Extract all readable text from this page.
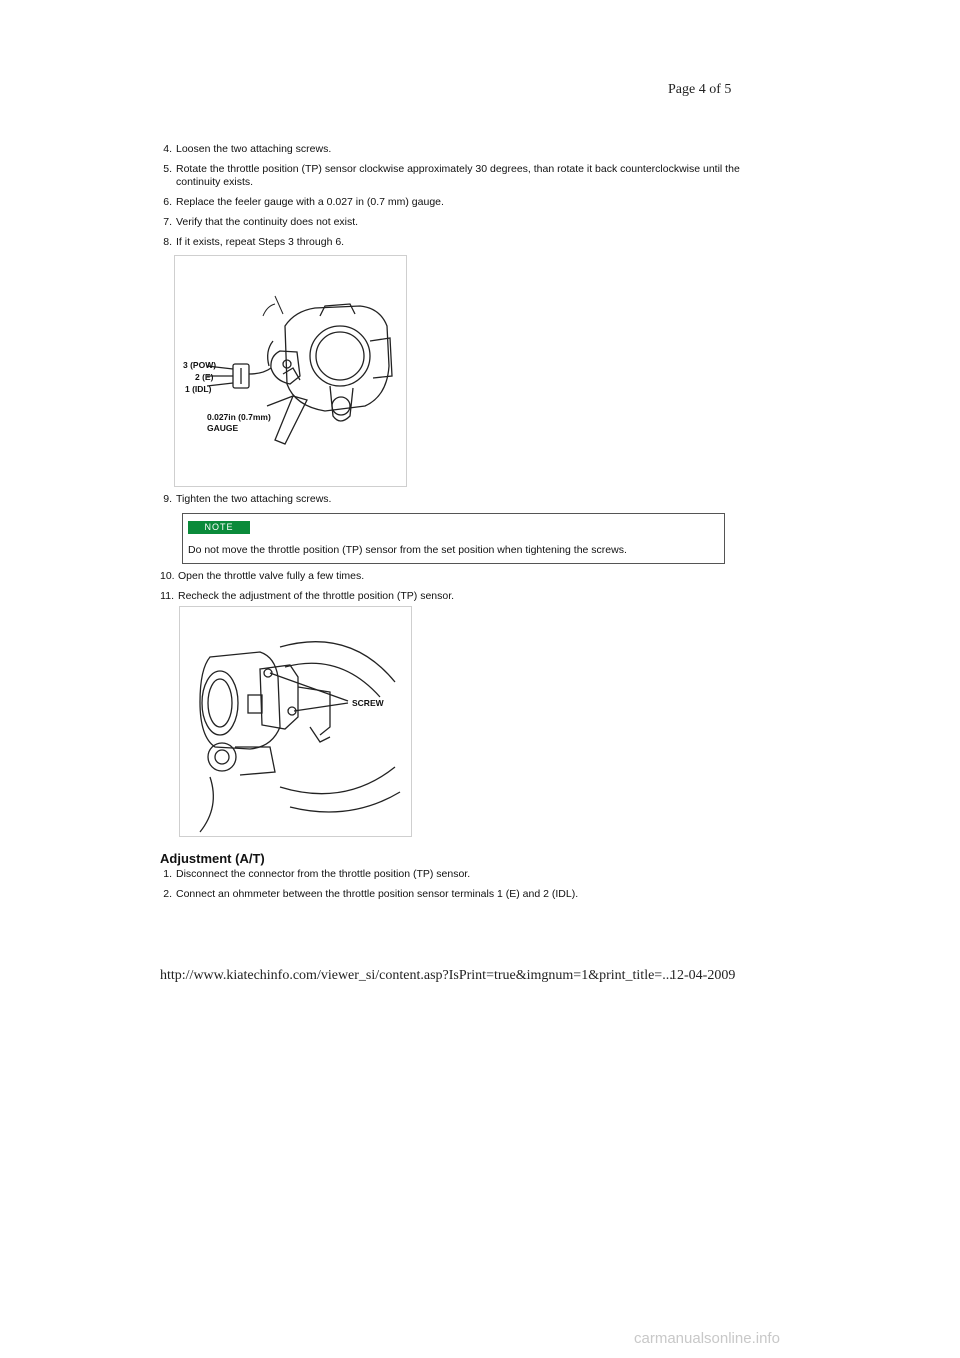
Page 4 of 5
4. Loosen the two attaching screws.
5. Rotate the throttle position (TP) sensor clockwise approximately 30 degrees, than rotate it back counterclockwise until the continuity exists.
6. Replace the feeler gauge with a 0.027 in (0.7 mm) gauge.
7. Verify that the continuity does not exist.
8. If it exists, repeat Steps 3 through 6.
3 (POW)
2 (E)
1 (IDL)
0.027in (0.7mm)
GAUGE
9. Tighten the two attaching screws.
NOTE
Do not move the throttle position (TP) sensor from the set position when tightening the screws.
10. Open the throttle valve fully a few times.
11. Recheck the adjustment of the throttle position (TP) sensor.
SCREW
Adjustment (A/T)
1. Disconnect the connector from the throttle position (TP) sensor.
2. Connect an ohmmeter between the throttle position sensor terminals 1 (E) and 2 (IDL).
http://www.kiatechinfo.com/viewer_si/content.asp?IsPrint=true&imgnum=1&print_title=...
12-04-2009
carmanualsonline.info
